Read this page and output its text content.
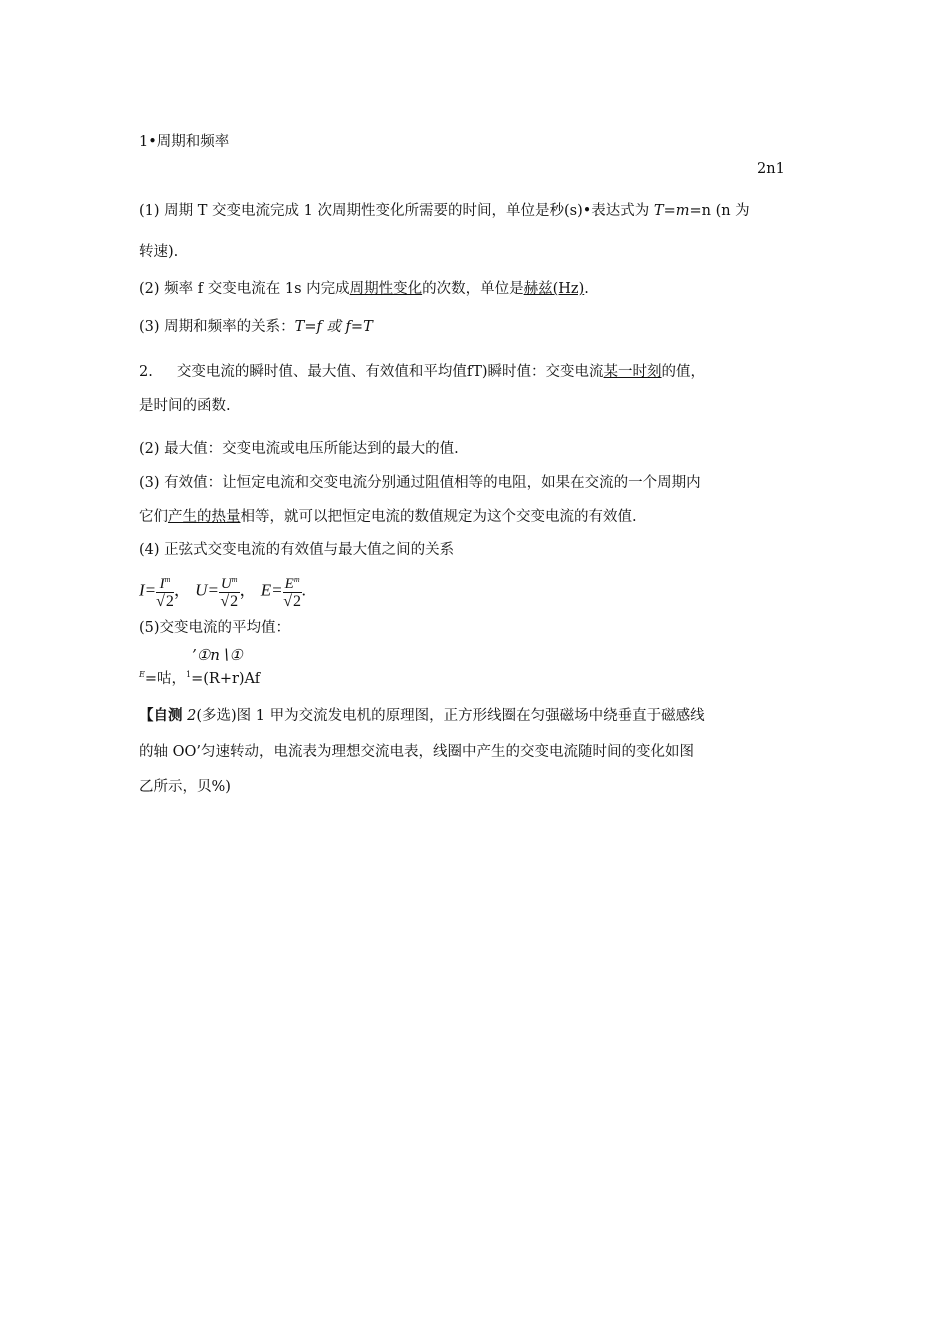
1•周期和频率
2n1
(1) 周期 T 交变电流完成 1 次周期性变化所需要的时间，单位是秒(s)•表达式为 T=m=n (n 为
转速).
(2) 频率 f 交变电流在 1s 内完成周期性变化的次数，单位是赫兹(Hz).
(3) 周期和频率的关系：T=f 或 f=T
2. 交变电流的瞬时值、最大值、有效值和平均值fT)瞬时值：交变电流某一时刻的值，
是时间的函数.
(2) 最大值：交变电流或电压所能达到的最大的值.
(3) 有效值：让恒定电流和交变电流分别通过阻值相等的电阻，如果在交流的一个周期内
它们产生的热量相等，就可以把恒定电流的数值规定为这个交变电流的有效值.
(4) 正弦式交变电流的有效值与最大值之间的关系
$I= \frac{I^m}{√2}$ ， $U= \frac{U^m}{√2}$ ， $E= \frac{E^m}{√2}$ .
(5)交变电流的平均值：
’①n∖①
$^E$=咕，$^1$=(R+r)Af
【自测 2(多选)图 1 甲为交流发电机的原理图，正方形线圈在匀强磁场中绕垂直于磁感线
的轴 OO’匀速转动，电流表为理想交流电表，线圈中产生的交变电流随时间的变化如图
乙所示，贝%)
